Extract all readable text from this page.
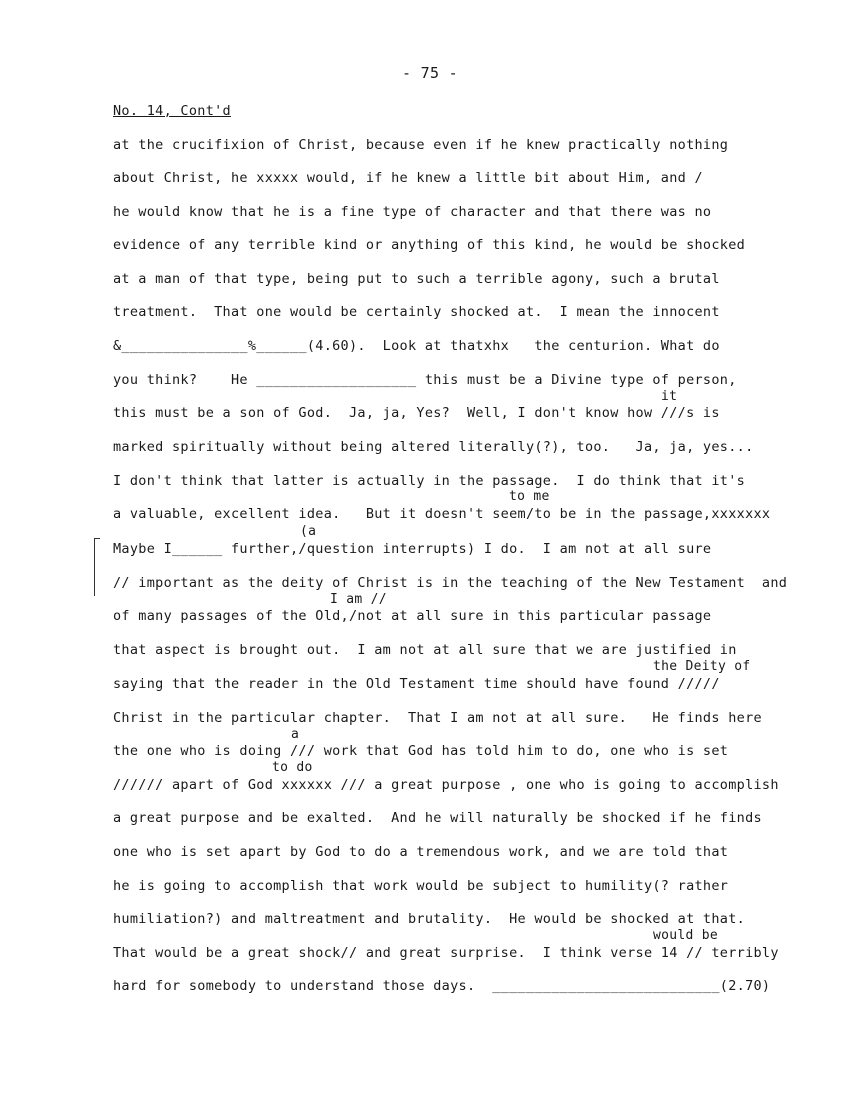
- 75 -
No. 14, Cont'd
at the crucifixion of Christ, because even if he knew practically nothing
about Christ, he xxxxx would, if he knew a little bit about Him, and /
he would know that he is a fine type of character and that there was no
evidence of any terrible kind or anything of this kind, he would be shocked
at a man of that type, being put to such a terrible agony, such a brutal
treatment.  That one would be certainly shocked at.  I mean the innocent
&_______________%______(4.60).  Look at thatxhx   the centurion. What do
you think?    He ___________________ this must be a Divine type of person,
this must be a son of God.  Ja, ja, Yes?  Well, I don't know how ///s is
marked spiritually without being altered literally(?), too.   Ja, ja, yes...
I don't think that latter is actually in the passage.  I do think that it's
a valuable, excellent idea.   But it doesn't seem/to be in the passage,xxxxxxx
Maybe I______ further,/question interrupts) I do.  I am not at all sure
// important as the deity of Christ is in the teaching of the New Testament  and
of many passages of the Old,/not at all sure in this particular passage
that aspect is brought out.  I am not at all sure that we are justified in
saying that the reader in the Old Testament time should have found /////
Christ in the particular chapter.  That I am not at all sure.   He finds here
the one who is doing /// work that God has told him to do, one who is set
////// apart of God xxxxxx /// a great purpose , one who is going to accomplish
a great purpose and be exalted.  And he will naturally be shocked if he finds
one who is set apart by God to do a tremendous work, and we are told that
he is going to accomplish that work would be subject to humility(? rather
humiliation?) and maltreatment and brutality.  He would be shocked at that.
That would be a great shock// and great surprise.  I think verse 14 // terribly
hard for somebody to understand those days.  ___________________________(2.70)
it
to me
(a
I am //
the Deity of
a
to do
would be
